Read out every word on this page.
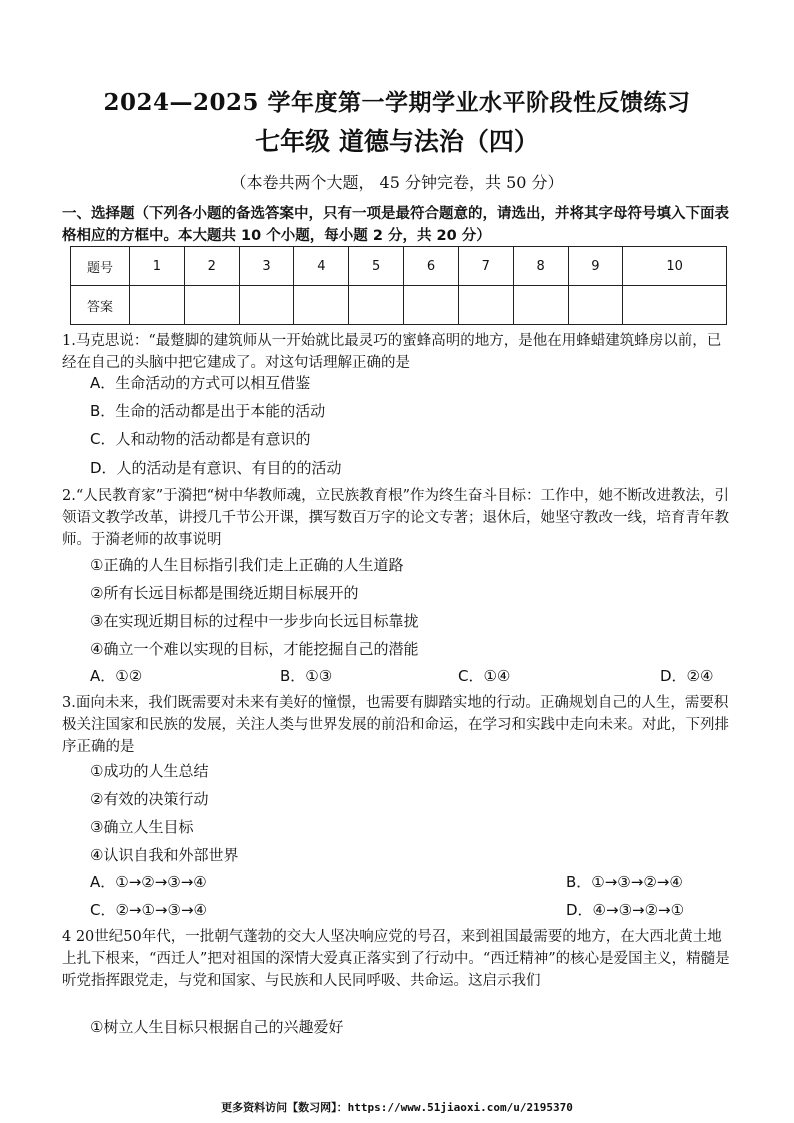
2024—2025 学年度第一学期学业水平阶段性反馈练习
七年级 道德与法治（四）
（本卷共两个大题， 45 分钟完卷，共 50 分）
一、选择题（下列各小题的备选答案中，只有一项是最符合题意的，请选出，并将其字母符号填入下面表格相应的方框中。本大题共 10 个小题，每小题 2 分，共 20 分）
题号	1	2	3	4	5	6	7	8	9	10
答案										
1.马克思说：“最蹩脚的建筑师从一开始就比最灵巧的蜜蜂高明的地方，是他在用蜂蜡建筑蜂房以前，已经在自己的头脑中把它建成了。对这句话理解正确的是
A．生命活动的方式可以相互借鉴
B．生命的活动都是出于本能的活动
C．人和动物的活动都是有意识的
D．人的活动是有意识、有目的的活动
2.“人民教育家”于漪把“树中华教师魂，立民族教育根”作为终生奋斗目标：工作中，她不断改进教法，引领语文教学改革，讲授几千节公开课，撰写数百万字的论文专著；退休后，她坚守教改一线，培育青年教师。于漪老师的故事说明
①正确的人生目标指引我们走上正确的人生道路
②所有长远目标都是围绕近期目标展开的
③在实现近期目标的过程中一步步向长远目标靠拢
④确立一个难以实现的目标，才能挖掘自己的潜能
A．①②	B．①③	C．①④	D．②④
3.面向未来，我们既需要对未来有美好的憧憬，也需要有脚踏实地的行动。正确规划自己的人生，需要积极关注国家和民族的发展，关注人类与世界发展的前沿和命运，在学习和实践中走向未来。对此，下列排序正确的是
①成功的人生总结
②有效的决策行动
③确立人生目标
④认识自我和外部世界
A．①→②→③→④	B．①→③→②→④
C．②→①→③→④	D．④→③→②→①
4 20世纪50年代，一批朝气蓬勃的交大人坚决响应党的号召，来到祖国最需要的地方，在大西北黄土地上扎下根来，“西迁人”把对祖国的深情大爱真正落实到了行动中。“西迁精神”的核心是爱国主义，精髓是听党指挥跟党走，与党和国家、与民族和人民同呼吸、共命运。这启示我们
①树立人生目标只根据自己的兴趣爱好
更多资料访问【数习网】：https://www.51jiaoxi.com/u/2195370
